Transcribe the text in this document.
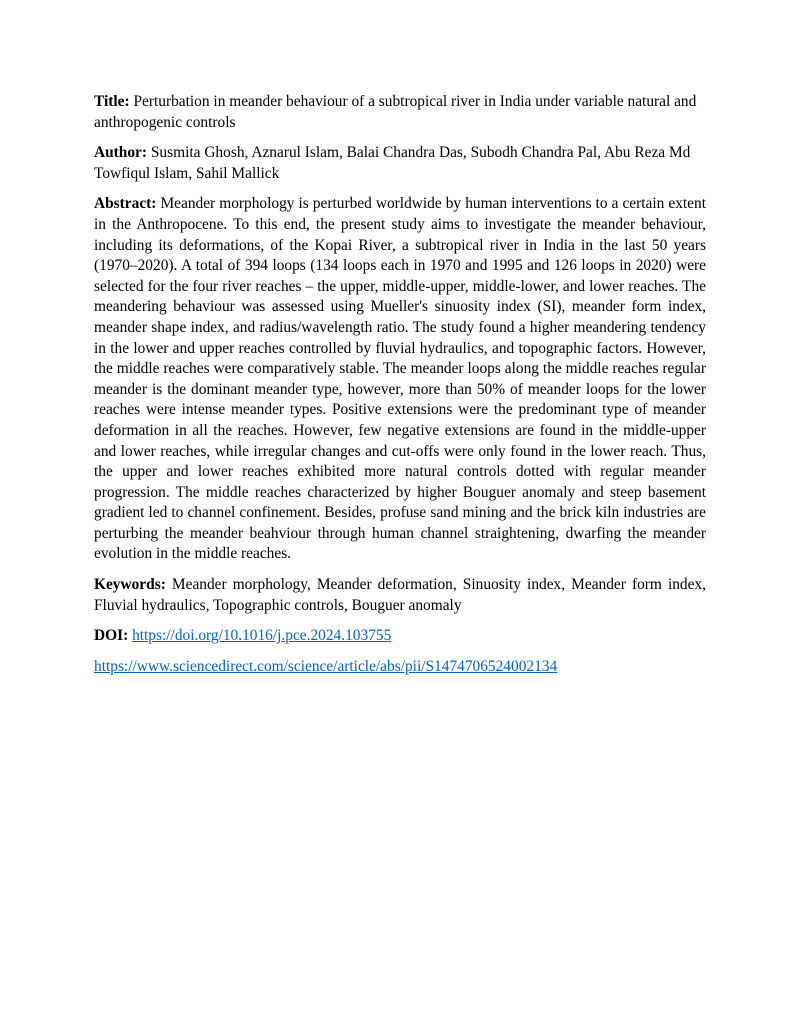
Title: Perturbation in meander behaviour of a subtropical river in India under variable natural and anthropogenic controls

Author: Susmita Ghosh, Aznarul Islam, Balai Chandra Das, Subodh Chandra Pal, Abu Reza Md Towfiqul Islam, Sahil Mallick

Abstract: Meander morphology is perturbed worldwide by human interventions to a certain extent in the Anthropocene. To this end, the present study aims to investigate the meander behaviour, including its deformations, of the Kopai River, a subtropical river in India in the last 50 years (1970–2020). A total of 394 loops (134 loops each in 1970 and 1995 and 126 loops in 2020) were selected for the four river reaches – the upper, middle-upper, middle-lower, and lower reaches. The meandering behaviour was assessed using Mueller's sinuosity index (SI), meander form index, meander shape index, and radius/wavelength ratio. The study found a higher meandering tendency in the lower and upper reaches controlled by fluvial hydraulics, and topographic factors. However, the middle reaches were comparatively stable. The meander loops along the middle reaches regular meander is the dominant meander type, however, more than 50% of meander loops for the lower reaches were intense meander types. Positive extensions were the predominant type of meander deformation in all the reaches. However, few negative extensions are found in the middle-upper and lower reaches, while irregular changes and cut-offs were only found in the lower reach. Thus, the upper and lower reaches exhibited more natural controls dotted with regular meander progression. The middle reaches characterized by higher Bouguer anomaly and steep basement gradient led to channel confinement. Besides, profuse sand mining and the brick kiln industries are perturbing the meander beahviour through human channel straightening, dwarfing the meander evolution in the middle reaches.

Keywords: Meander morphology, Meander deformation, Sinuosity index, Meander form index, Fluvial hydraulics, Topographic controls, Bouguer anomaly

DOI: https://doi.org/10.1016/j.pce.2024.103755

https://www.sciencedirect.com/science/article/abs/pii/S1474706524002134
